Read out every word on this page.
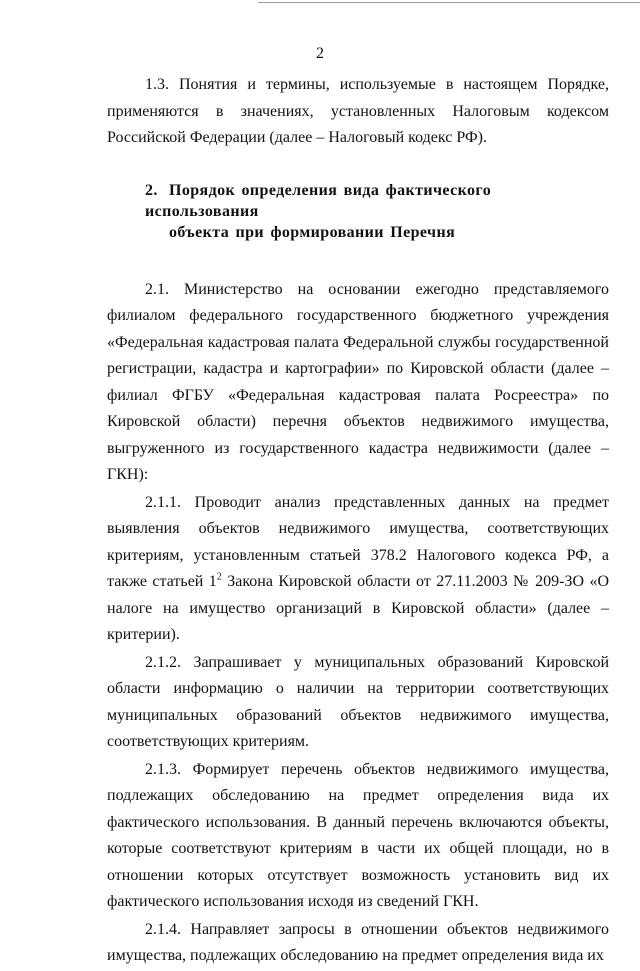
2

1.3. Понятия и термины, используемые в настоящем Порядке, применяются в значениях, установленных Налоговым кодексом Российской Федерации (далее – Налоговый кодекс РФ).

2. Порядок определения вида фактического использования
объекта при формировании Перечня

2.1. Министерство на основании ежегодно представляемого филиалом федерального государственного бюджетного учреждения «Федеральная кадастровая палата Федеральной службы государственной регистрации, кадастра и картографии» по Кировской области (далее – филиал ФГБУ «Федеральная кадастровая палата Росреестра» по Кировской области) перечня объектов недвижимого имущества, выгруженного из государственного кадастра недвижимости (далее – ГКН):

2.1.1. Проводит анализ представленных данных на предмет выявления объектов недвижимого имущества, соответствующих критериям, установленным статьей 378.2 Налогового кодекса РФ, а также статьей $1^2$ Закона Кировской области от 27.11.2003 № 209-ЗО «О налоге на имущество организаций в Кировской области» (далее – критерии).

2.1.2. Запрашивает у муниципальных образований Кировской области информацию о наличии на территории соответствующих муниципальных образований объектов недвижимого имущества, соответствующих критериям.

2.1.3. Формирует перечень объектов недвижимого имущества, подлежащих обследованию на предмет определения вида их фактического использования. В данный перечень включаются объекты, которые соответствуют критериям в части их общей площади, но в отношении которых отсутствует возможность установить вид их фактического использования исходя из сведений ГКН.

2.1.4. Направляет запросы в отношении объектов недвижимого имущества, подлежащих обследованию на предмет определения вида их
